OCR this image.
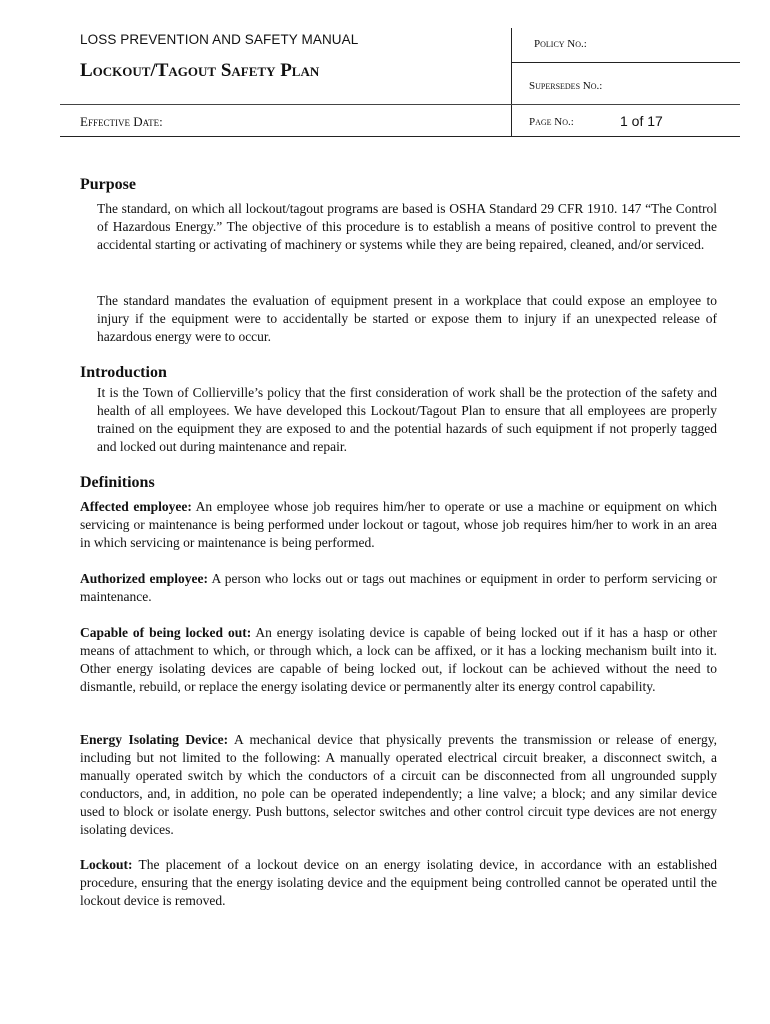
LOSS PREVENTION AND SAFETY MANUAL
Lockout/Tagout Safety Plan
Effective Date:
Policy No.:
Supersedes No.:
Page No.:	1 of 17
Purpose
The standard, on which all lockout/tagout programs are based is OSHA Standard 29 CFR 1910. 147 “The Control of Hazardous Energy.” The objective of this procedure is to establish a means of positive control to prevent the accidental starting or activating of machinery or systems while they are being repaired, cleaned, and/or serviced.
The standard mandates the evaluation of equipment present in a workplace that could expose an employee to injury if the equipment were to accidentally be started or expose them to injury if an unexpected release of hazardous energy were to occur.
Introduction
It is the Town of Collierville’s policy that the first consideration of work shall be the protection of the safety and health of all employees. We have developed this Lockout/Tagout Plan to ensure that all employees are properly trained on the equipment they are exposed to and the potential hazards of such equipment if not properly tagged and locked out during maintenance and repair.
Definitions
Affected employee: An employee whose job requires him/her to operate or use a machine or equipment on which servicing or maintenance is being performed under lockout or tagout, whose job requires him/her to work in an area in which servicing or maintenance is being performed.
Authorized employee: A person who locks out or tags out machines or equipment in order to perform servicing or maintenance.
Capable of being locked out: An energy isolating device is capable of being locked out if it has a hasp or other means of attachment to which, or through which, a lock can be affixed, or it has a locking mechanism built into it. Other energy isolating devices are capable of being locked out, if lockout can be achieved without the need to dismantle, rebuild, or replace the energy isolating device or permanently alter its energy control capability.
Energy Isolating Device: A mechanical device that physically prevents the transmission or release of energy, including but not limited to the following: A manually operated electrical circuit breaker, a disconnect switch, a manually operated switch by which the conductors of a circuit can be disconnected from all ungrounded supply conductors, and, in addition, no pole can be operated independently; a line valve; a block; and any similar device used to block or isolate energy. Push buttons, selector switches and other control circuit type devices are not energy isolating devices.
Lockout: The placement of a lockout device on an energy isolating device, in accordance with an established procedure, ensuring that the energy isolating device and the equipment being controlled cannot be operated until the lockout device is removed.
